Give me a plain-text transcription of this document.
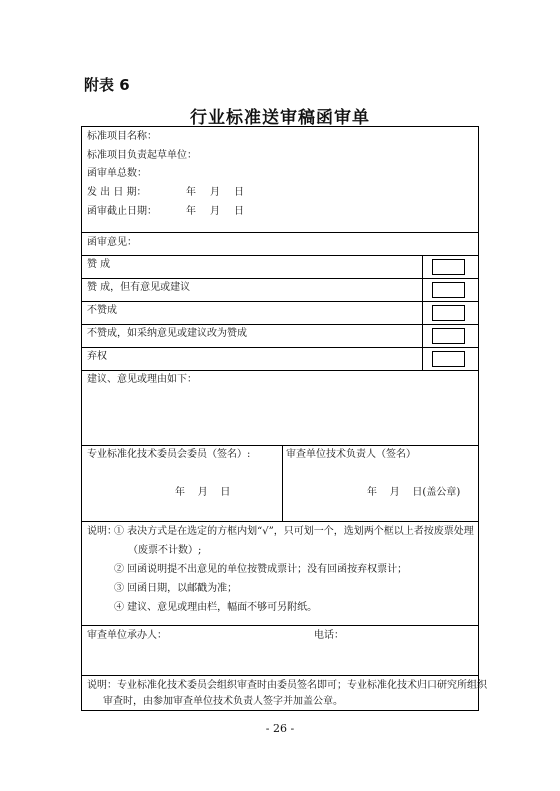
附表 6
行业标准送审稿函审单
标准项目名称：
标准项目负责起草单位：
函审单总数：
发 出 日 期：	年 月 日
函审截止日期：	年 月 日
函审意见：
赞 成
赞 成，但有意见或建议
不赞成
不赞成，如采纳意见或建议改为赞成
弃权
建议、意见或理由如下：
专业标准化技术委员会委员（签名）:	审查单位技术负责人（签名）
年    月    日	年    月    日(盖公章)
说明：
① 表决方式是在选定的方框内划“√”，只可划一个，选划两个框以上者按废票处理
（废票不计数）;
② 回函说明提不出意见的单位按赞成票计；没有回函按弃权票计；
③ 回函日期，以邮戳为准；
④ 建议、意见或理由栏，幅面不够可另附纸。
审查单位承办人：	电话：
说明：专业标准化技术委员会组织审查时由委员签名即可；专业标准化技术归口研究所组织
审查时，由参加审查单位技术负责人签字并加盖公章。
- 26 -
